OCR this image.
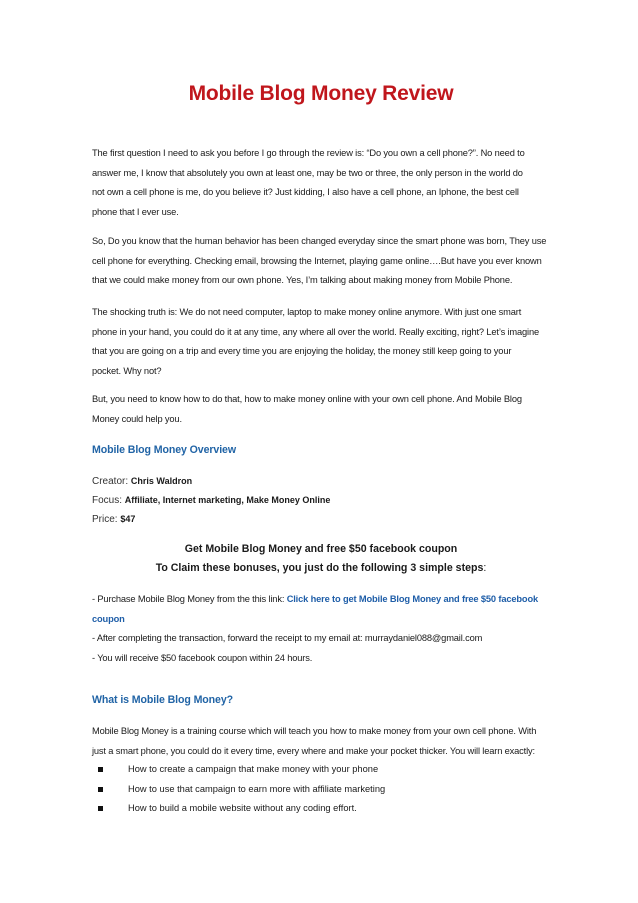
Mobile Blog Money Review

The first question I need to ask you before I go through the review is: “Do you own a cell phone?”. No need to

answer me, I know that absolutely you own at least one, may be two or three, the only person in the world do

not own a cell phone is me, do you believe it? Just kidding, I also have a cell phone, an Iphone, the best cell

phone that I ever use.

So, Do you know that the human behavior has been changed everyday since the smart phone was born, They use

cell phone for everything. Checking email, browsing the Internet, playing game online….But have you ever known

that we could make money from our own phone. Yes, I’m talking about making money from Mobile Phone.

The shocking truth is: We do not need computer, laptop to make money online anymore. With just one smart

phone in your hand, you could do it at any time, any where all over the world. Really exciting, right? Let’s imagine

that you are going on a trip and every time you are enjoying the holiday, the money still keep going to your

pocket. Why not?

But, you need to know how to do that, how to make money online with your own cell phone. And Mobile Blog

Money could help you.

Mobile Blog Money Overview
Creator: Chris Waldron
Focus: Affiliate, Internet marketing, Make Money Online
Price: $47
Get Mobile Blog Money and free $50 facebook coupon
To Claim these bonuses, you just do the following 3 simple steps:

- Purchase Mobile Blog Money from the this link: Click here to get Mobile Blog Money and free $50 facebook

coupon

- After completing the transaction, forward the receipt to my email at: murraydaniel088@gmail.com

- You will receive $50 facebook coupon within 24 hours.

What is Mobile Blog Money?

Mobile Blog Money is a training course which will teach you how to make money from your own cell phone. With

just a smart phone, you could do it every time, every where and make your pocket thicker. You will learn exactly:

How to create a campaign that make money with your phone
How to use that campaign to earn more with affiliate marketing
How to build a mobile website without any coding effort.
